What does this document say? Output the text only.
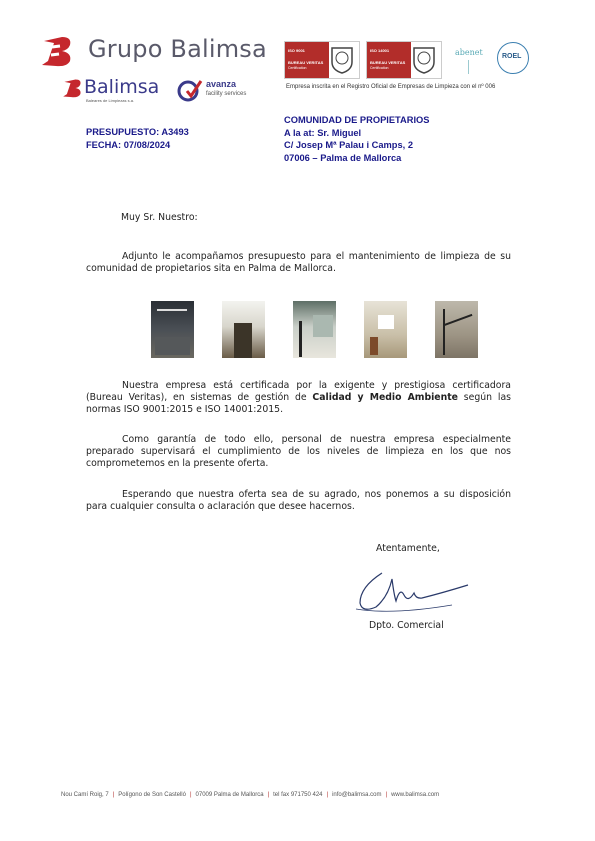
Grupo Balimsa
Balimsa
Baleares de Limpiezas s.a.
avanza
facility services
ISO 9001
BUREAU VERITAS
Certification
ISO 14001
BUREAU VERITAS
Certification
abenet	ROEL
Empresa inscrita en el Registro Oficial de Empresas de Limpieza con el nº 006
PRESUPUESTO: A3493
FECHA: 07/08/2024
COMUNIDAD DE PROPIETARIOS
A la at: Sr. Miguel
C/ Josep Mª Palau i Camps, 2
07006 – Palma de Mallorca
Muy Sr. Nuestro:
Adjunto le acompañamos presupuesto para el mantenimiento de limpieza de su comunidad de propietarios sita en Palma de Mallorca.
Nuestra empresa está certificada por la exigente y prestigiosa certificadora (Bureau Veritas), en sistemas de gestión de Calidad y Medio Ambiente según las normas ISO 9001:2015 e ISO 14001:2015.
Como garantía de todo ello, personal de nuestra empresa especialmente preparado supervisará el cumplimiento de los niveles de limpieza en los que nos comprometemos en la presente oferta.
Esperando que nuestra oferta sea de su agrado, nos ponemos a su disposición para cualquier consulta o aclaración que desee hacernos.
Atentamente,
Dpto. Comercial
Nou Camí Roig, 7 | Polígono de Son Castelló | 07009 Palma de Mallorca | tel fax 971750 424 | info@balimsa.com | www.balimsa.com
